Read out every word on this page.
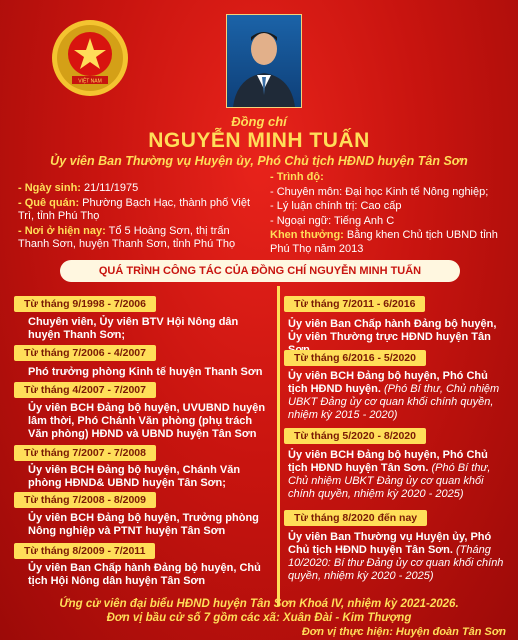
VIỆT NAM
Đồng chí
NGUYỄN MINH TUẤN
Ủy viên Ban Thường vụ Huyện ủy, Phó Chủ tịch HĐND huyện Tân Sơn
- Ngày sinh: 21/11/1975
- Quê quán: Phường Bạch Hạc, thành phố Việt Trì, tỉnh Phú Thọ
- Nơi ở hiện nay: Tổ 5 Hoàng Sơn, thị trấn Thanh Sơn, huyện Thanh Sơn, tỉnh Phú Thọ
- Trình độ:
- Chuyên môn: Đại học Kinh tế Nông nghiệp;
- Lý luận chính trị: Cao cấp
- Ngoại ngữ: Tiếng Anh C
Khen thưởng: Bằng khen Chủ tịch UBND tỉnh Phú Thọ năm 2013
QUÁ TRÌNH CÔNG TÁC CỦA ĐỒNG CHÍ NGUYỄN MINH TUẤN
Từ tháng 9/1998 - 7/2006
Chuyên viên, Ủy viên BTV Hội Nông dân huyện Thanh Sơn;
Từ tháng 7/2006 - 4/2007
Phó trưởng phòng Kinh tế huyện Thanh Sơn
Từ tháng 4/2007 - 7/2007
Ủy viên BCH Đảng bộ huyện, UVUBND huyện lâm thời, Phó Chánh Văn phòng (phụ trách Văn phòng) HĐND và UBND huyện Tân Sơn
Từ tháng 7/2007 - 7/2008
Ủy viên BCH Đảng bộ huyện, Chánh Văn phòng HĐND& UBND huyện Tân Sơn;
Từ tháng 7/2008 - 8/2009
Ủy viên BCH Đảng bộ huyện, Trưởng phòng Nông nghiệp và PTNT huyện Tân Sơn
Từ tháng 8/2009 - 7/2011
Ủy viên Ban Chấp hành Đảng bộ huyện, Chủ tịch Hội Nông dân huyện Tân Sơn
Từ tháng 7/2011 - 6/2016
Ủy viên Ban Chấp hành Đảng bộ huyện, Ủy viên Thường trực HĐND huyện Tân
Từ tháng 6/2016 - 5/2020
Ủy viên BCH Đảng bộ huyện, Phó Chủ tịch HĐND huyện. (Phó Bí thư, Chủ nhiệm UBKT Đảng ủy cơ quan khối chính quyền, nhiệm kỳ 2015 - 2020)
Từ tháng 5/2020 - 8/2020
Ủy viên BCH Đảng bộ huyện, Phó Chủ tịch HĐND huyện Tân Sơn. (Phó Bí thư, Chủ nhiệm UBKT Đảng ủy cơ quan khối chính quyền, nhiệm kỳ 2020 - 2025)
Từ tháng 8/2020 đến nay
Ủy viên Ban Thường vụ Huyện ủy, Phó Chủ tịch HĐND huyện Tân Sơn. (Tháng 10/2020: Bí thư Đảng ủy cơ quan khối chính quyền, nhiệm kỳ 2020 - 2025)
Ứng cử viên đại biểu HĐND huyện Tân Sơn Khoá IV, nhiệm kỳ 2021-2026.
Đơn vị bầu cử số 7 gồm các xã: Xuân Đài - Kim Thượng
Đơn vị thực hiện: Huyện đoàn Tân Sơn
